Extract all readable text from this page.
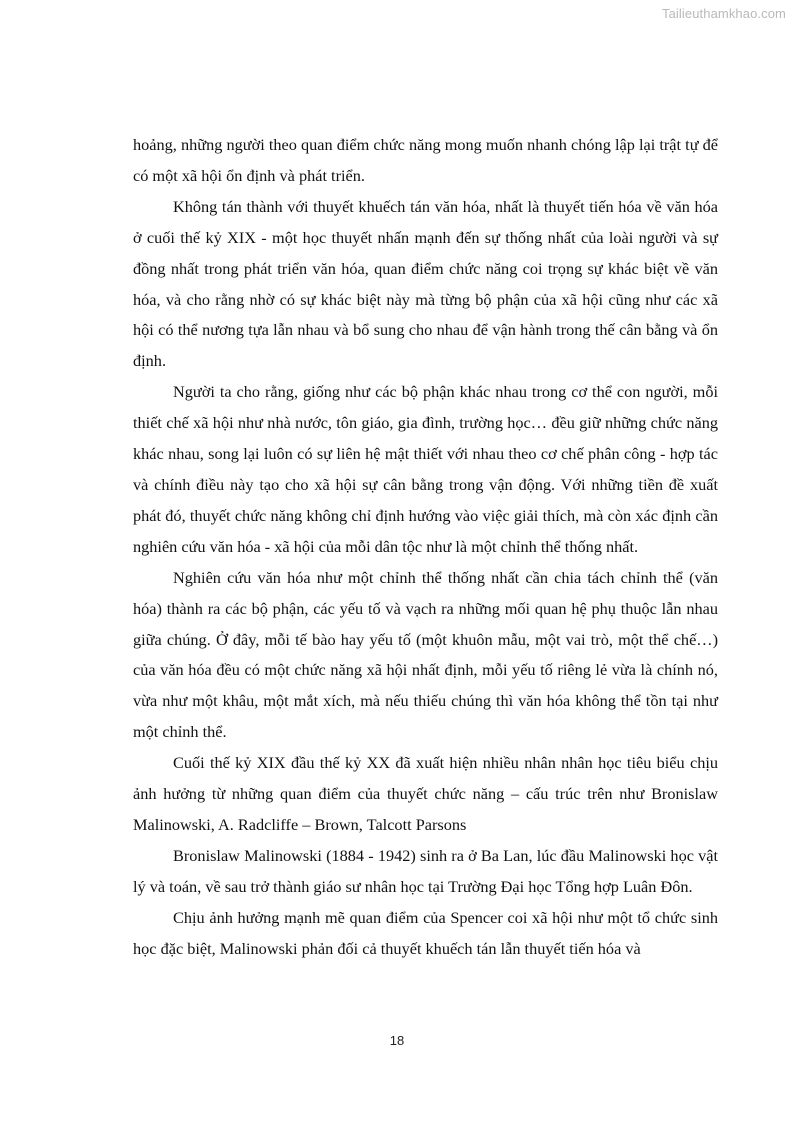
Tailieuthamkhao.com

hoảng, những người theo quan điểm chức năng mong muốn nhanh chóng lập lại trật tự để có một xã hội ổn định và phát triển.

Không tán thành với thuyết khuếch tán văn hóa, nhất là thuyết tiến hóa về văn hóa ở cuối thế kỷ XIX - một học thuyết nhấn mạnh đến sự thống nhất của loài người và sự đồng nhất trong phát triển văn hóa, quan điểm chức năng coi trọng sự khác biệt về văn hóa, và cho rằng nhờ có sự khác biệt này mà từng bộ phận của xã hội cũng như các xã hội có thể nương tựa lẫn nhau và bổ sung cho nhau để vận hành trong thế cân bằng và ổn định.

Người ta cho rằng, giống như các bộ phận khác nhau trong cơ thể con người, mỗi thiết chế xã hội như nhà nước, tôn giáo, gia đình, trường học… đều giữ những chức năng khác nhau, song lại luôn có sự liên hệ mật thiết với nhau theo cơ chế phân công - hợp tác và chính điều này tạo cho xã hội sự cân bằng trong vận động. Với những tiền đề xuất phát đó, thuyết chức năng không chỉ định hướng vào việc giải thích, mà còn xác định cần nghiên cứu văn hóa - xã hội của mỗi dân tộc như là một chỉnh thể thống nhất.

Nghiên cứu văn hóa như một chỉnh thể thống nhất cần chia tách chỉnh thể (văn hóa) thành ra các bộ phận, các yếu tố và vạch ra những mối quan hệ phụ thuộc lẫn nhau giữa chúng. Ở đây, mỗi tế bào hay yếu tố (một khuôn mẫu, một vai trò, một thể chế…) của văn hóa đều có một chức năng xã hội nhất định, mỗi yếu tố riêng lẻ vừa là chính nó, vừa như một khâu, một mắt xích, mà nếu thiếu chúng thì văn hóa không thể tồn tại như một chỉnh thể.

Cuối thế kỷ XIX đầu thế kỷ XX đã xuất hiện nhiều nhân nhân học tiêu biểu chịu ảnh hưởng từ những quan điểm của thuyết chức năng – cấu trúc trên như Bronislaw Malinowski, A. Radcliffe – Brown, Talcott Parsons

Bronislaw Malinowski (1884 - 1942) sinh ra ở Ba Lan, lúc đầu Malinowski học vật lý và toán, về sau trở thành giáo sư nhân học tại Trường Đại học Tổng hợp Luân Đôn.

Chịu ảnh hưởng mạnh mẽ quan điểm của Spencer coi xã hội như một tổ chức sinh học đặc biệt, Malinowski phản đối cả thuyết khuếch tán lẫn thuyết tiến hóa và

18
